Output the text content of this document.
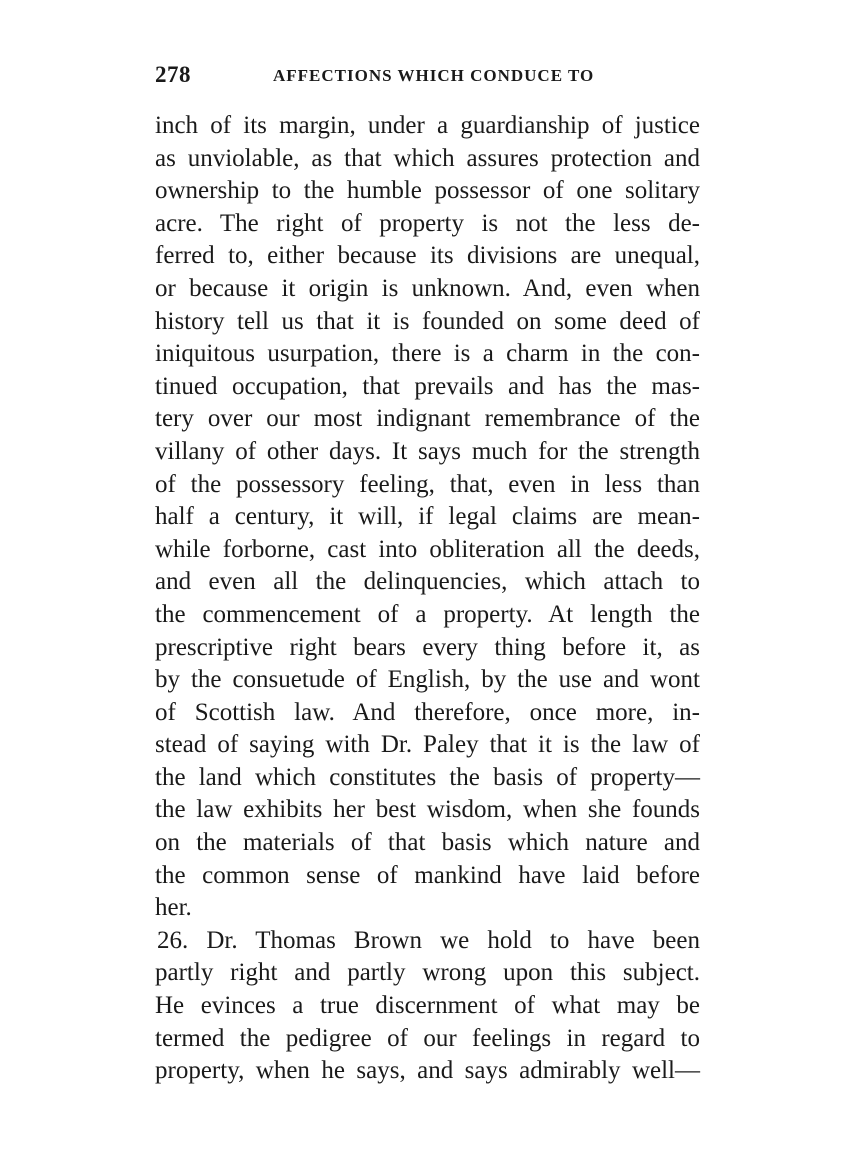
278	AFFECTIONS WHICH CONDUCE TO
inch of its margin, under a guardianship of justice
as unviolable, as that which assures protection and
ownership to the humble possessor of one solitary
acre. The right of property is not the less de-
ferred to, either because its divisions are unequal,
or because it origin is unknown. And, even when
history tell us that it is founded on some deed of
iniquitous usurpation, there is a charm in the con-
tinued occupation, that prevails and has the mas-
tery over our most indignant remembrance of the
villany of other days. It says much for the strength
of the possessory feeling, that, even in less than
half a century, it will, if legal claims are mean-
while forborne, cast into obliteration all the deeds,
and even all the delinquencies, which attach to
the commencement of a property. At length the
prescriptive right bears every thing before it, as
by the consuetude of English, by the use and wont
of Scottish law. And therefore, once more, in-
stead of saying with Dr. Paley that it is the law of
the land which constitutes the basis of property—
the law exhibits her best wisdom, when she founds
on the materials of that basis which nature and
the common sense of mankind have laid before
her.
26. Dr. Thomas Brown we hold to have been
partly right and partly wrong upon this subject.
He evinces a true discernment of what may be
termed the pedigree of our feelings in regard to
property, when he says, and says admirably well—
